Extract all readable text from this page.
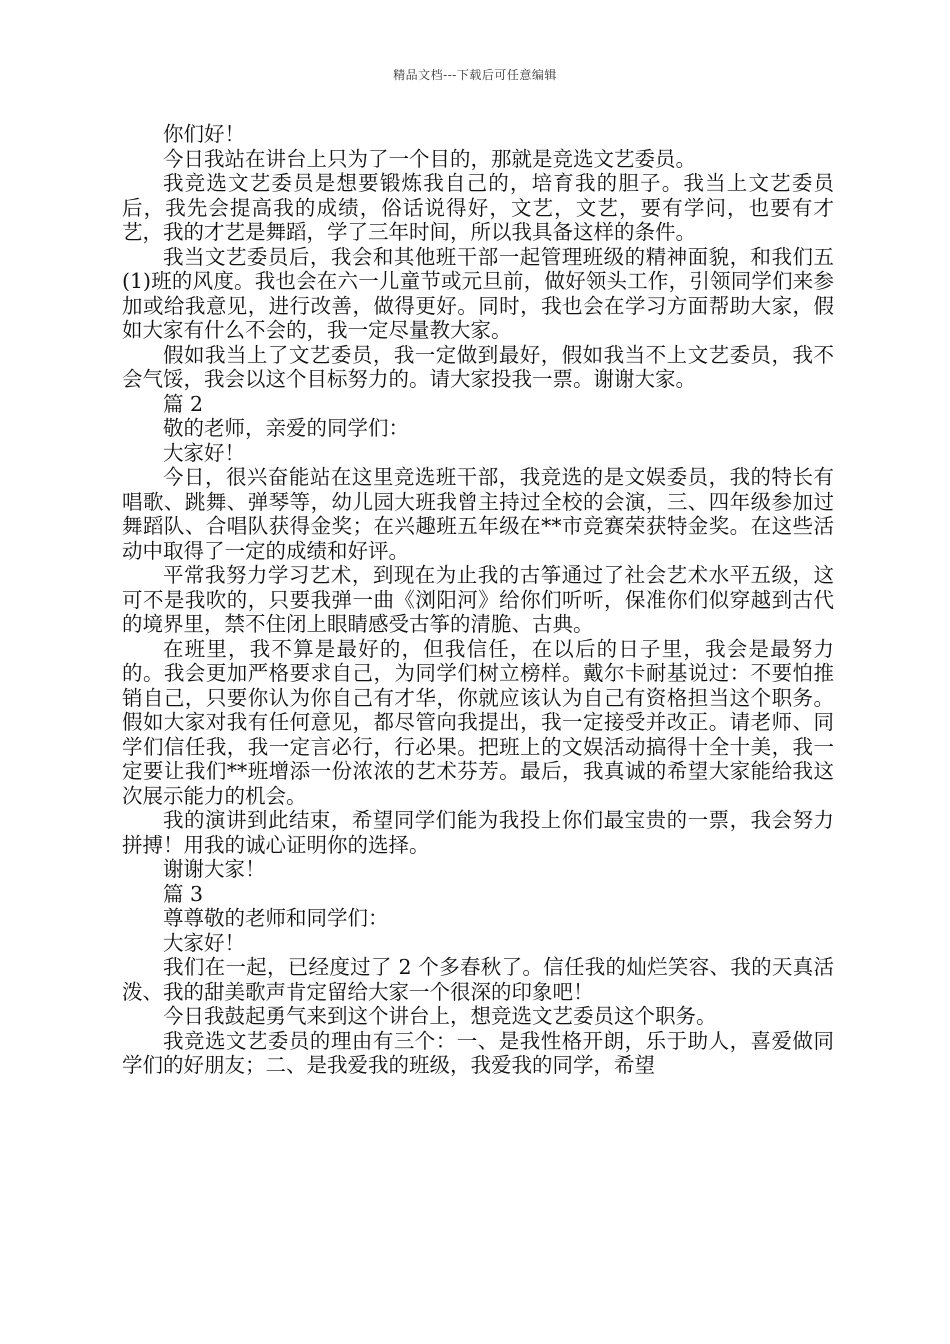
精品文档---下载后可任意编辑

你们好！

今日我站在讲台上只为了一个目的，那就是竞选文艺委员。

我竞选文艺委员是想要锻炼我自己的，培育我的胆子。我当上文艺委员后，我先会提高我的成绩，俗话说得好，文艺，文艺，要有学问，也要有才艺，我的才艺是舞蹈，学了三年时间，所以我具备这样的条件。

我当文艺委员后，我会和其他班干部一起管理班级的精神面貌，和我们五(1)班的风度。我也会在六一儿童节或元旦前，做好领头工作，引领同学们来参加或给我意见，进行改善，做得更好。同时，我也会在学习方面帮助大家，假如大家有什么不会的，我一定尽量教大家。

假如我当上了文艺委员，我一定做到最好，假如我当不上文艺委员，我不会气馁，我会以这个目标努力的。请大家投我一票。谢谢大家。

篇 2

敬的老师，亲爱的同学们：

大家好！

今日，很兴奋能站在这里竞选班干部，我竞选的是文娱委员，我的特长有唱歌、跳舞、弹琴等，幼儿园大班我曾主持过全校的会演，三、四年级参加过舞蹈队、合唱队获得金奖；在兴趣班五年级在**市竞赛荣获特金奖。在这些活动中取得了一定的成绩和好评。

平常我努力学习艺术，到现在为止我的古筝通过了社会艺术水平五级，这可不是我吹的，只要我弹一曲《浏阳河》给你们听听，保准你们似穿越到古代的境界里，禁不住闭上眼睛感受古筝的清脆、古典。

在班里，我不算是最好的，但我信任，在以后的日子里，我会是最努力的。我会更加严格要求自己，为同学们树立榜样。戴尔卡耐基说过：不要怕推销自己，只要你认为你自己有才华，你就应该认为自己有资格担当这个职务。假如大家对我有任何意见，都尽管向我提出，我一定接受并改正。请老师、同学们信任我，我一定言必行，行必果。把班上的文娱活动搞得十全十美，我一定要让我们**班增添一份浓浓的艺术芬芳。最后，我真诚的希望大家能给我这次展示能力的机会。

我的演讲到此结束，希望同学们能为我投上你们最宝贵的一票，我会努力拼搏！用我的诚心证明你的选择。

谢谢大家！

篇 3

尊尊敬的老师和同学们：

大家好！

我们在一起，已经度过了 2 个多春秋了。信任我的灿烂笑容、我的天真活泼、我的甜美歌声肯定留给大家一个很深的印象吧！

今日我鼓起勇气来到这个讲台上，想竞选文艺委员这个职务。

我竞选文艺委员的理由有三个：一、是我性格开朗，乐于助人，喜爱做同学们的好朋友；二、是我爱我的班级，我爱我的同学，希望
